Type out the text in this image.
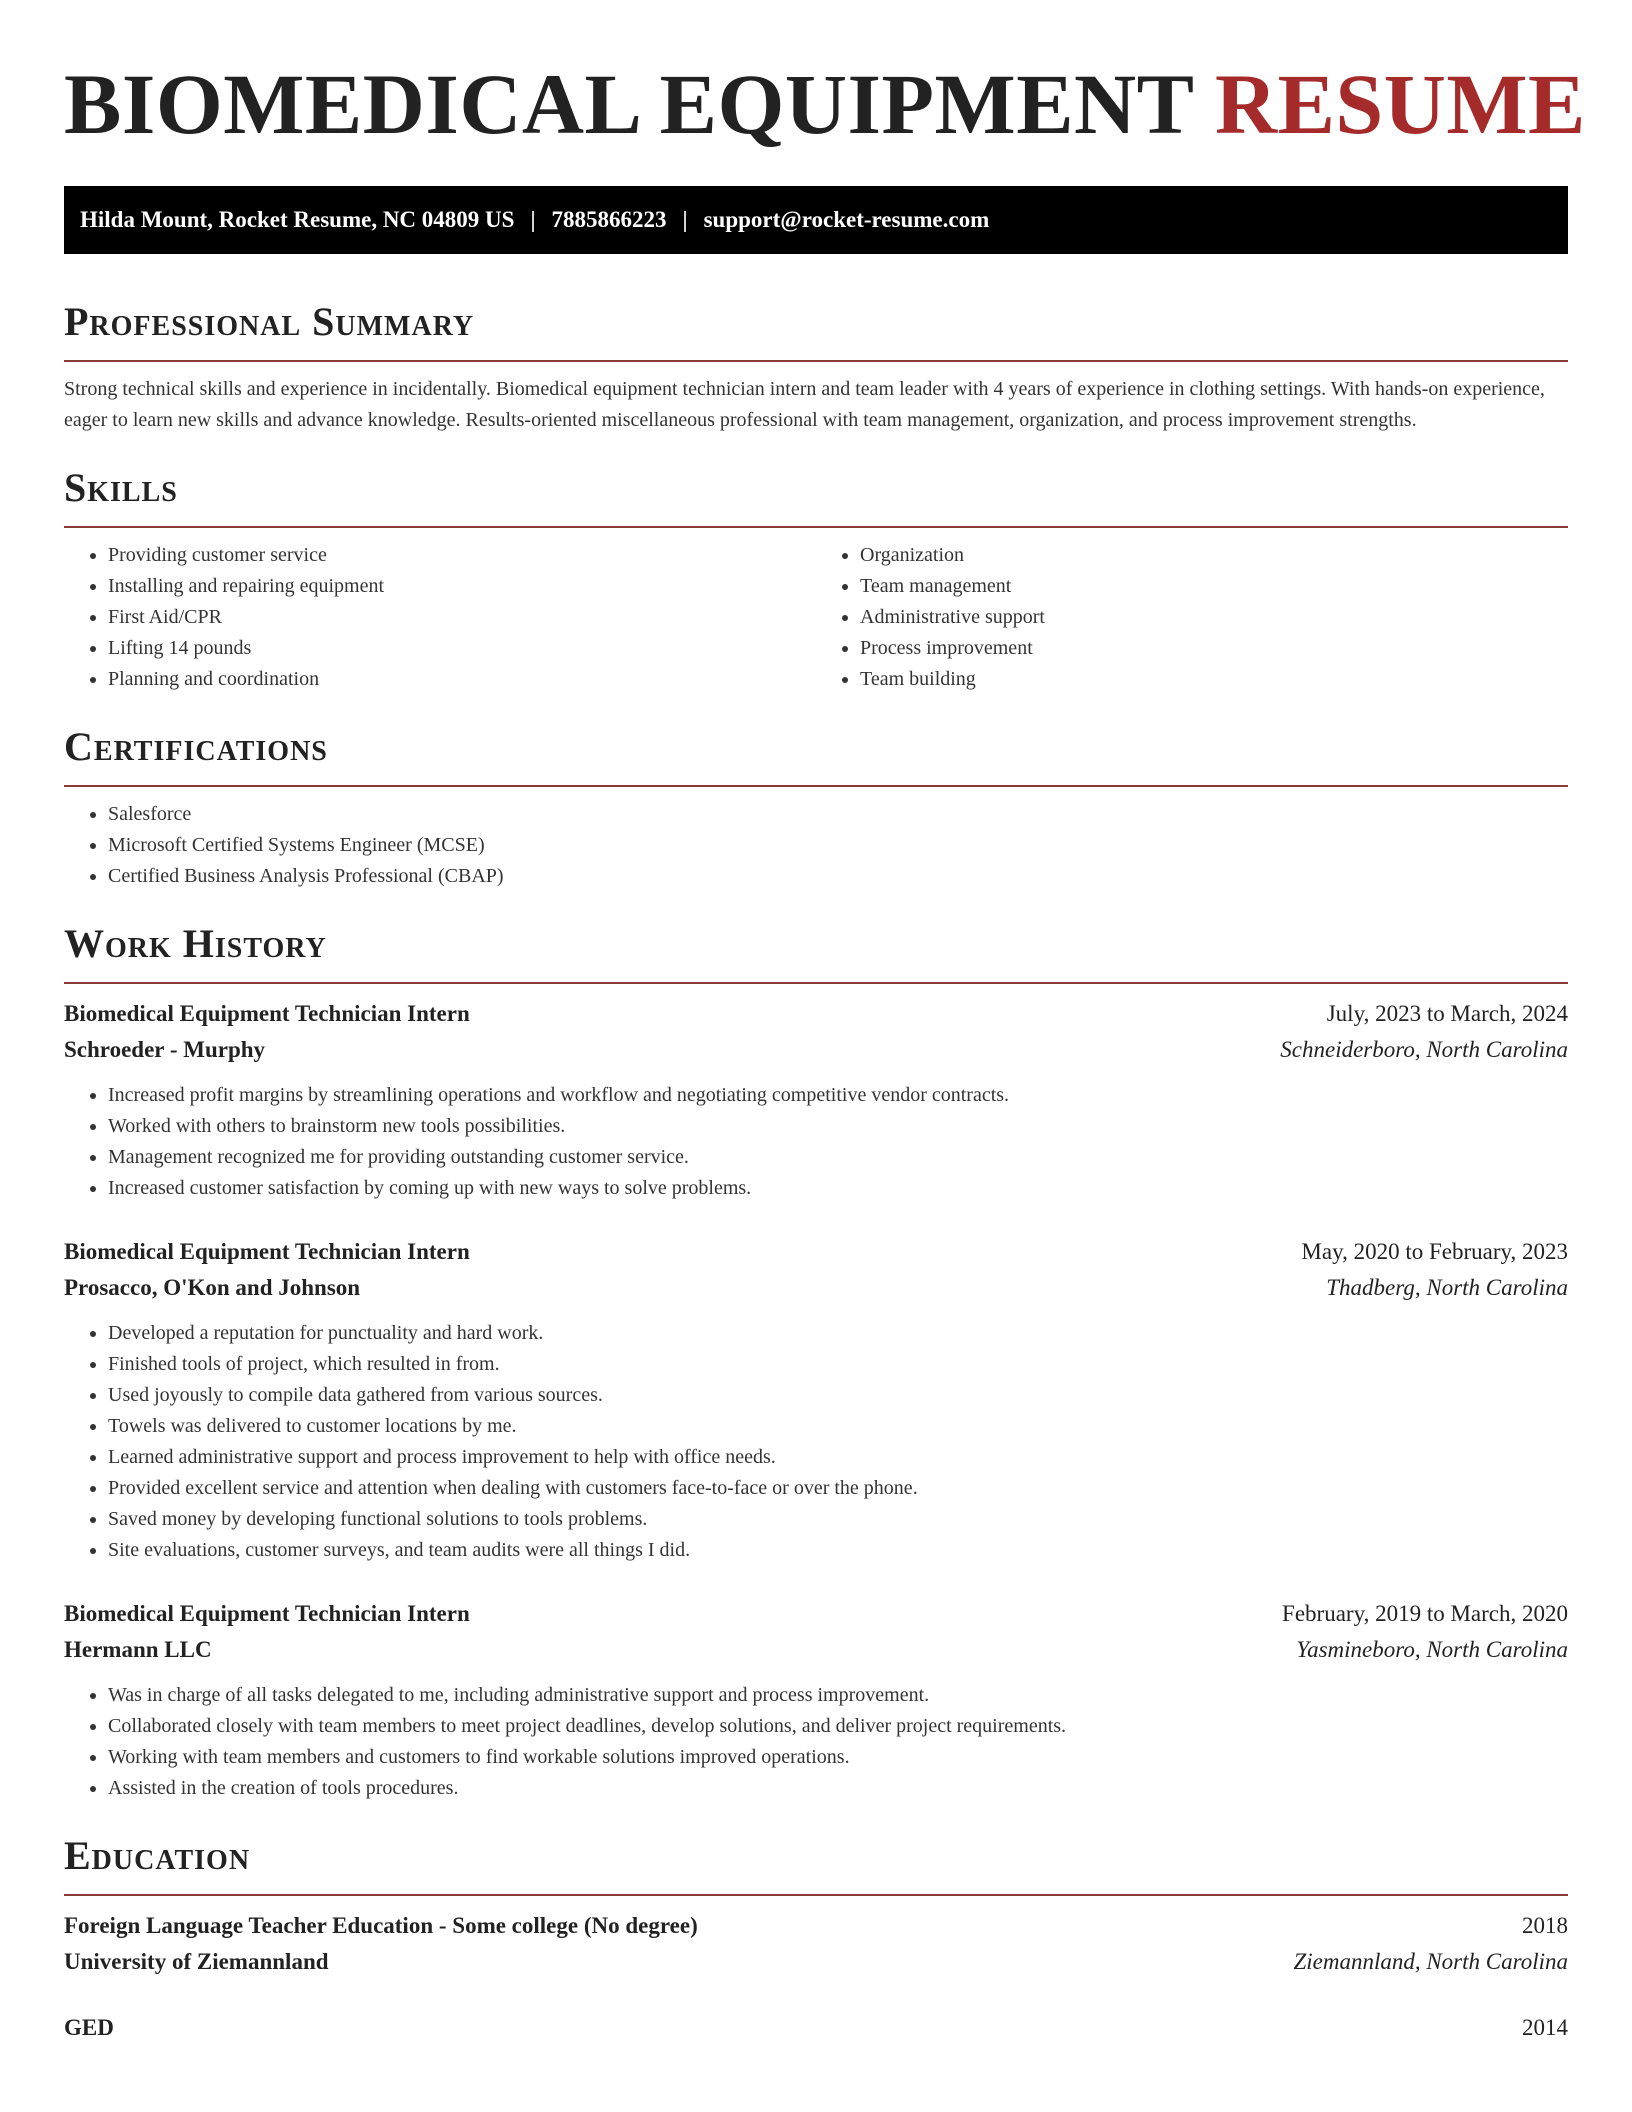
BIOMEDICAL EQUIPMENT RESUME
Hilda Mount, Rocket Resume, NC 04809 US | 7885866223 | support@rocket-resume.com
Professional Summary

Strong technical skills and experience in incidentally. Biomedical equipment technician intern and team leader with 4 years of experience in clothing settings. With hands-on experience, eager to learn new skills and advance knowledge. Results-oriented miscellaneous professional with team management, organization, and process improvement strengths.

Skills
• Providing customer service
• Installing and repairing equipment
• First Aid/CPR
• Lifting 14 pounds
• Planning and coordination
• Organization
• Team management
• Administrative support
• Process improvement
• Team building
Certifications
• Salesforce
• Microsoft Certified Systems Engineer (MCSE)
• Certified Business Analysis Professional (CBAP)
Work History
Biomedical Equipment Technician Intern	July, 2023 to March, 2024
Schroeder - Murphy	Schneiderboro, North Carolina
• Increased profit margins by streamlining operations and workflow and negotiating competitive vendor contracts.
• Worked with others to brainstorm new tools possibilities.
• Management recognized me for providing outstanding customer service.
• Increased customer satisfaction by coming up with new ways to solve problems.
Biomedical Equipment Technician Intern	May, 2020 to February, 2023
Prosacco, O'Kon and Johnson	Thadberg, North Carolina
• Developed a reputation for punctuality and hard work.
• Finished tools of project, which resulted in from.
• Used joyously to compile data gathered from various sources.
• Towels was delivered to customer locations by me.
• Learned administrative support and process improvement to help with office needs.
• Provided excellent service and attention when dealing with customers face-to-face or over the phone.
• Saved money by developing functional solutions to tools problems.
• Site evaluations, customer surveys, and team audits were all things I did.
Biomedical Equipment Technician Intern	February, 2019 to March, 2020
Hermann LLC	Yasmineboro, North Carolina
• Was in charge of all tasks delegated to me, including administrative support and process improvement.
• Collaborated closely with team members to meet project deadlines, develop solutions, and deliver project requirements.
• Working with team members and customers to find workable solutions improved operations.
• Assisted in the creation of tools procedures.
Education
Foreign Language Teacher Education - Some college (No degree)	2018
University of Ziemannland	Ziemannland, North Carolina
GED	2014
